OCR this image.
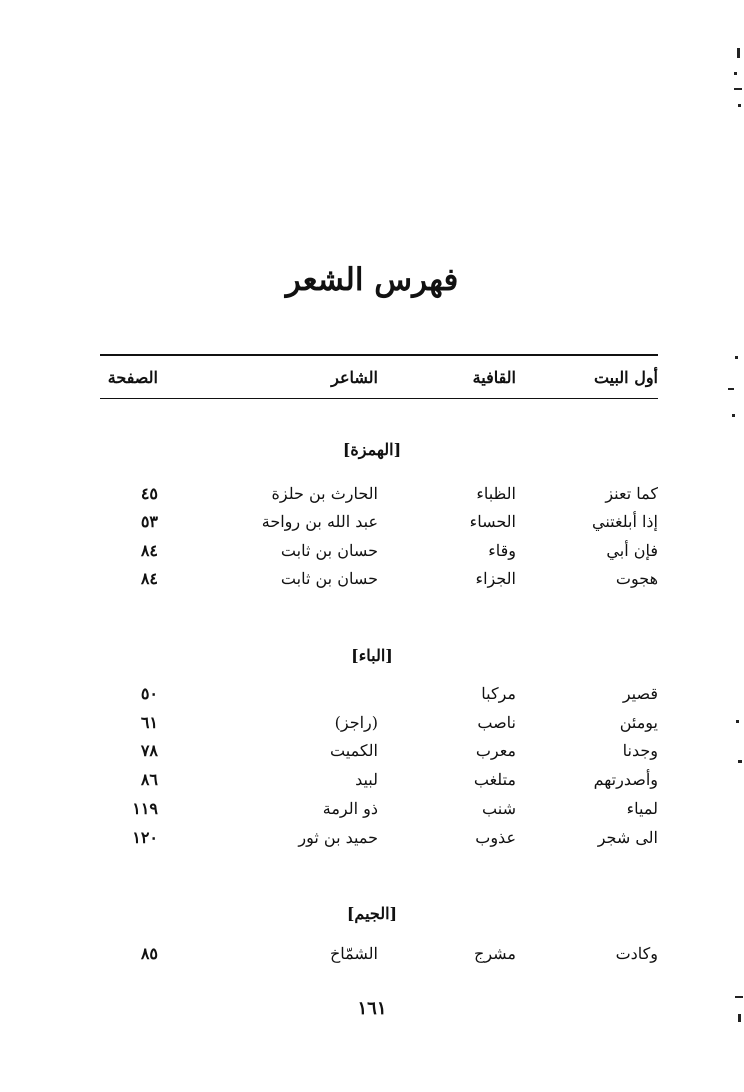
فهرس الشعر
أول البيت
القافية
الشاعر
الصفحة
[الهمزة]
كما تعنز
الظباء
الحارث بن حلزة
٤٥
إذا أبلغتني
الحساء
عبد الله بن رواحة
٥٣
فإن أبي
وقاء
حسان بن ثابت
٨٤
هجوت
الجزاء
حسان بن ثابت
٨٤
[الباء]
قصير
مركبا
٥٠
يومئن
ناصب
(راجز)
٦١
وجدنا
معرب
الكميت
٧٨
وأصدرتهم
متلغب
لبيد
٨٦
لمياء
شنب
ذو الرمة
١١٩
الى شجر
عذوب
حميد بن ثور
١٢٠
[الجيم]
وكادت
مشرج
الشمّاخ
٨٥
١٦١
